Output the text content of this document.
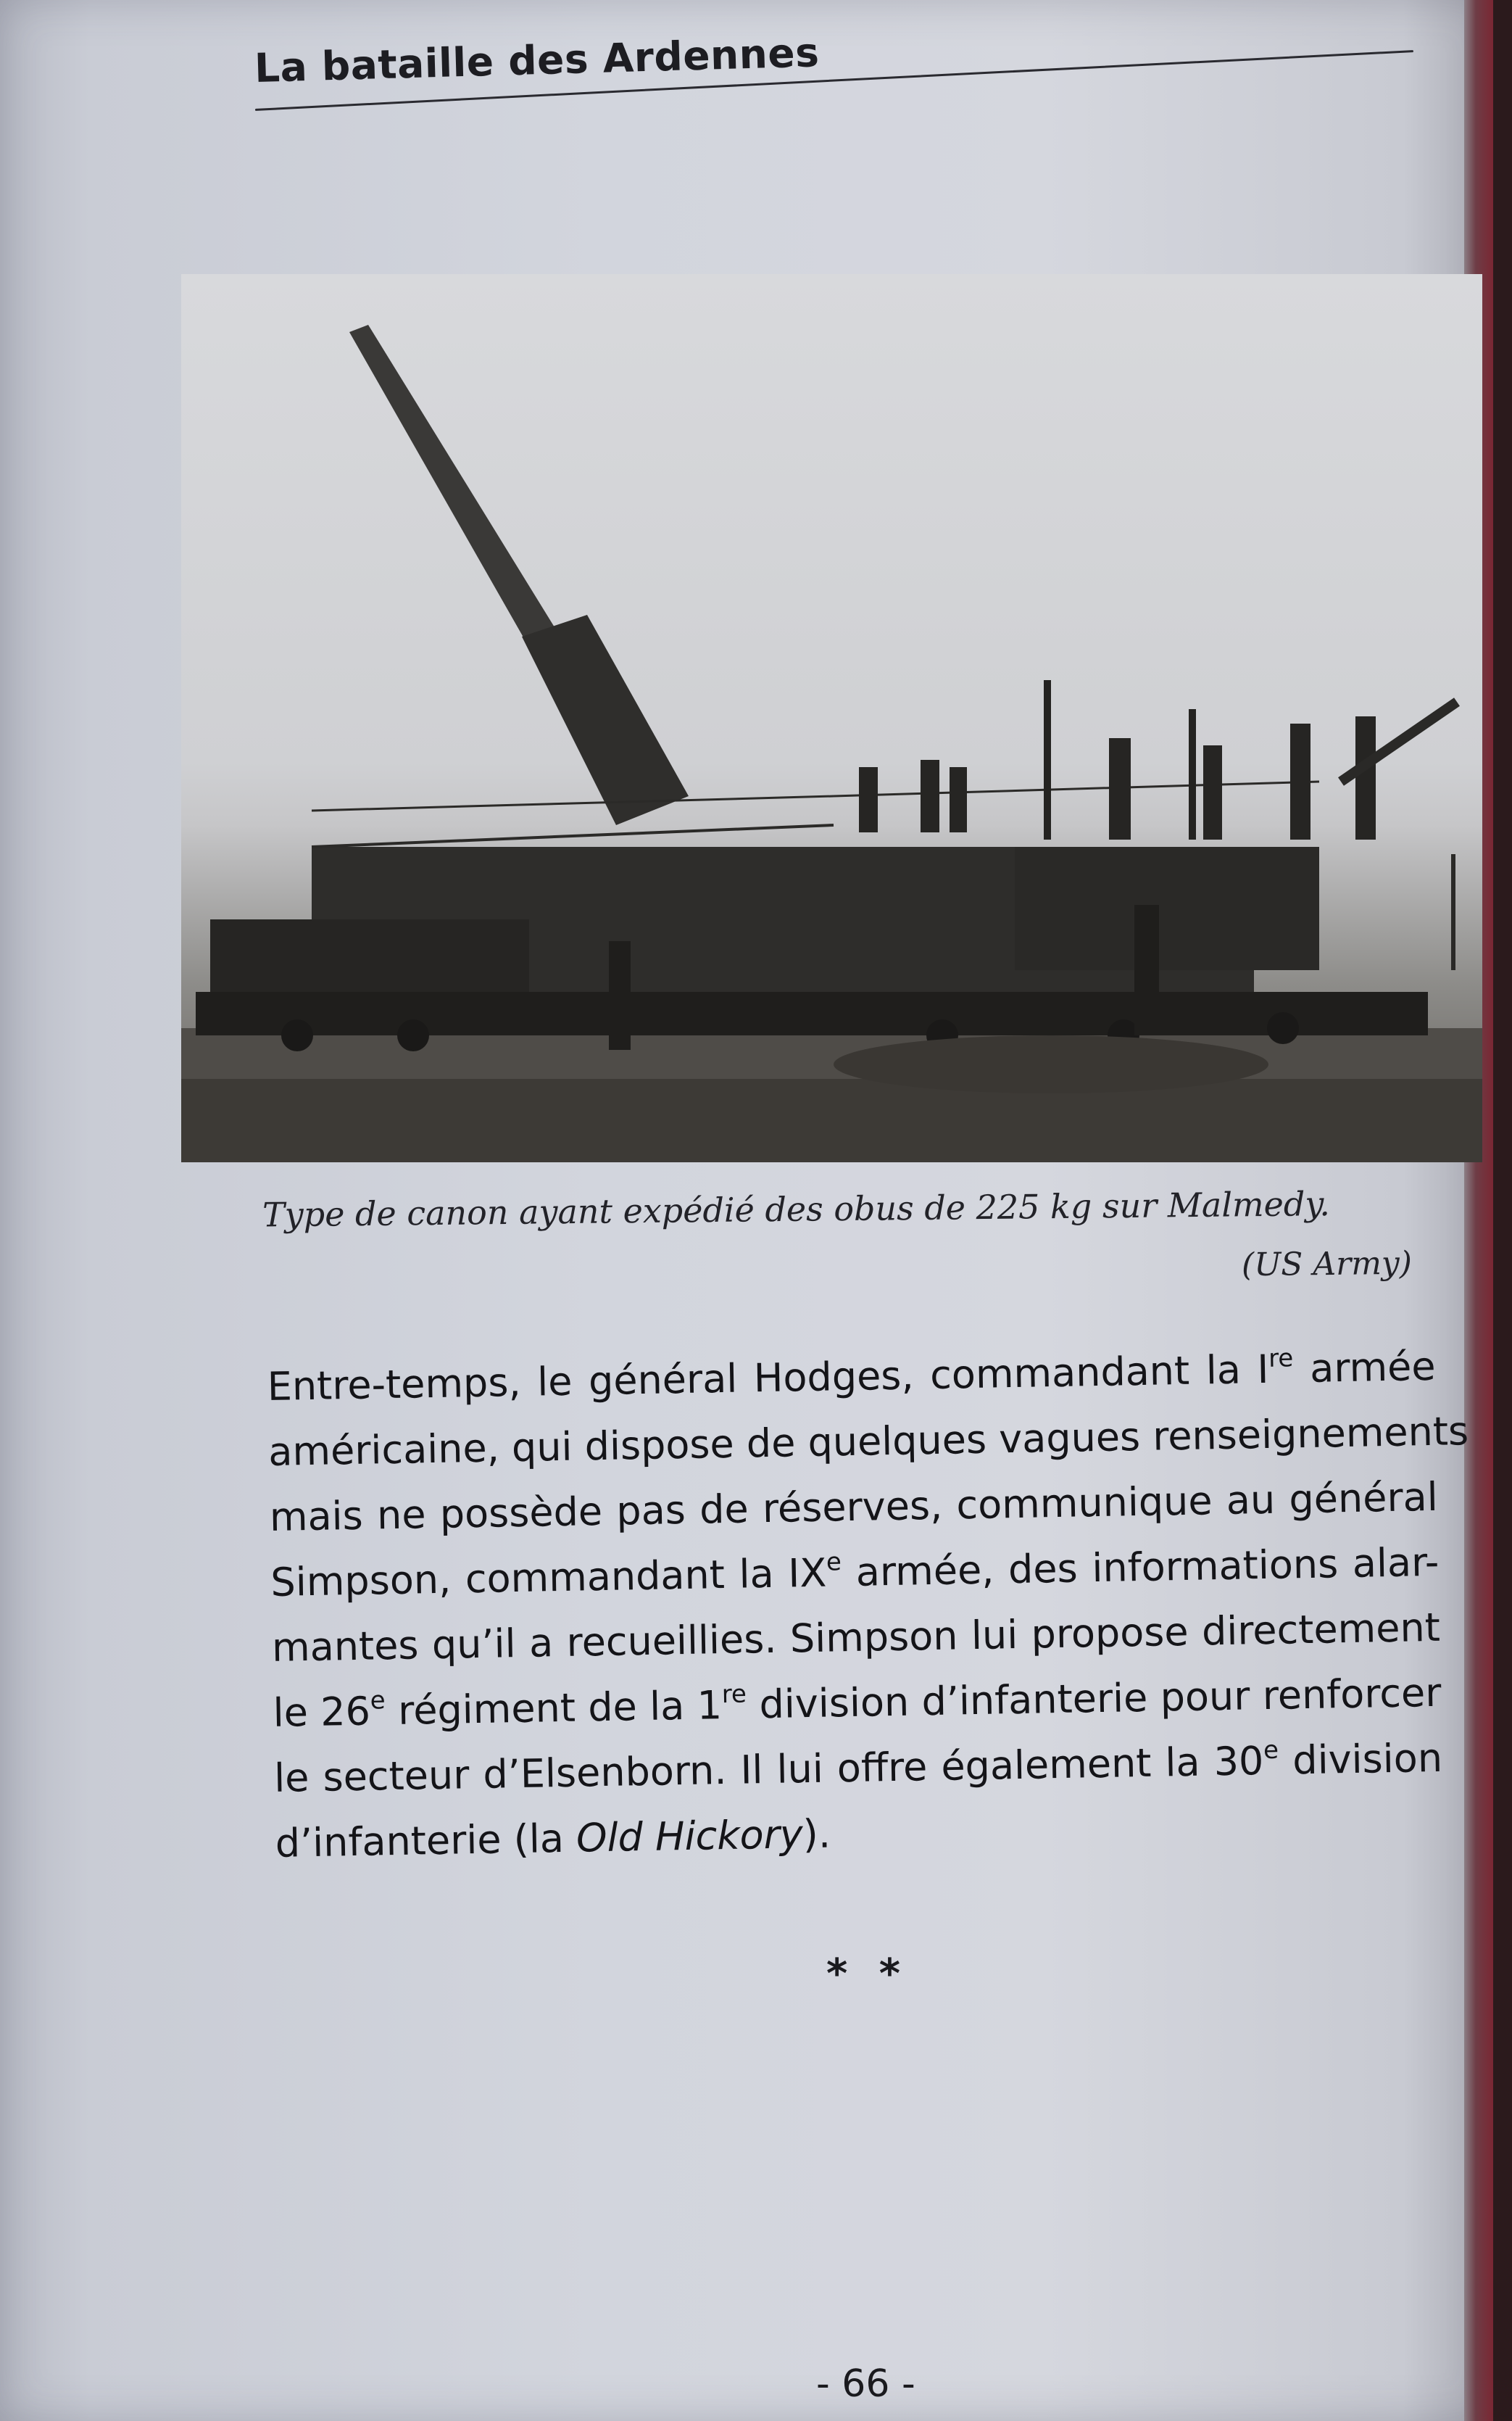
La bataille des Ardennes
Type de canon ayant expédié des obus de 225 kg sur Malmedy.
(US Army)
Entre-temps, le général Hodges, commandant la Ire armée
américaine, qui dispose de quelques vagues renseignements
mais ne possède pas de réserves, communique au général
Simpson, commandant la IXe armée, des informations alar-
mantes qu’il a recueillies. Simpson lui propose directement
le 26e régiment de la 1re division d’infanterie pour renforcer
le secteur d’Elsenborn. Il lui offre également la 30e division
d’infanterie (la Old Hickory).
* *
- 66 -
